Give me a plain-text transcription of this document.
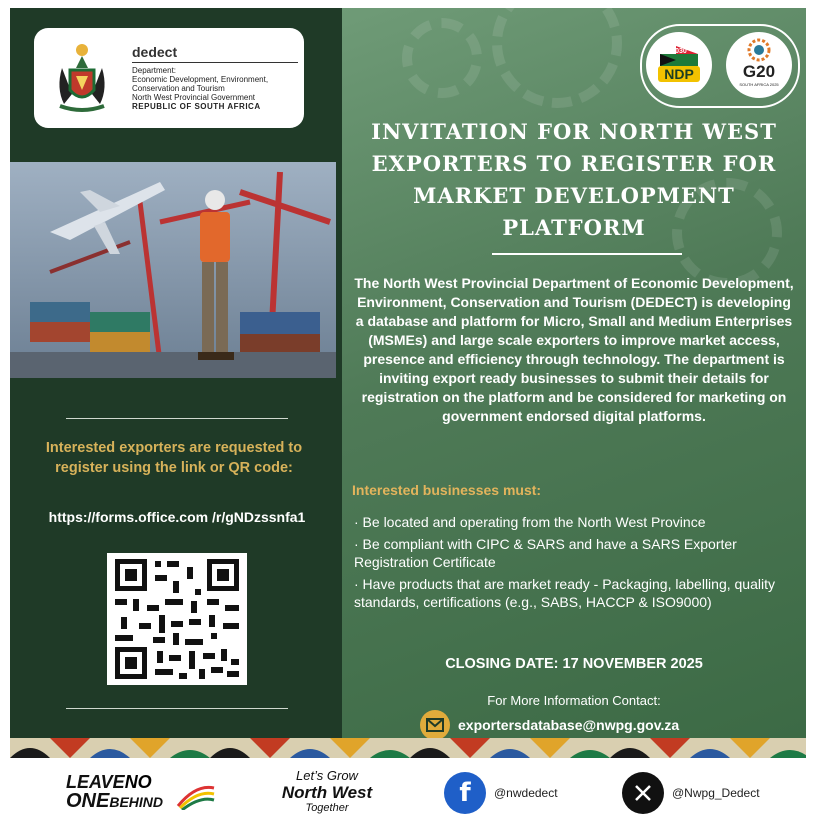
dedect
Department:
Economic Development, Environment,
Conservation and Tourism
North West Provincial Government
REPUBLIC OF SOUTH AFRICA
Interested exporters are requested to register using the link or QR code:
https://forms.office.com /r/gNDzssnfa1
NDP
2030
G20
SOUTH AFRICA 2025
INVITATION FOR NORTH WEST EXPORTERS TO REGISTER FOR MARKET DEVELOPMENT PLATFORM
The North West Provincial Department of Economic Development, Environment, Conservation and Tourism (DEDECT) is developing a database and platform for Micro, Small and Medium Enterprises (MSMEs) and large scale exporters to improve market access, presence and efficiency through technology. The department is inviting export ready businesses to submit their details for registration on the platform and be considered for marketing on government endorsed digital platforms.
Interested businesses must:
· Be located and operating from the North West Province
· Be compliant with CIPC & SARS and have a SARS Exporter Registration Certificate
· Have products that are market ready - Packaging, labelling, quality standards, certifications (e.g., SABS, HACCP & ISO9000)
CLOSING DATE: 17 NOVEMBER 2025
For More Information Contact:
exportersdatabase@nwpg.gov.za
LEAVENO
ONEBEHIND
Let’s Grow
North West
Together	f @nwdedect	@Nwpg_Dedect
